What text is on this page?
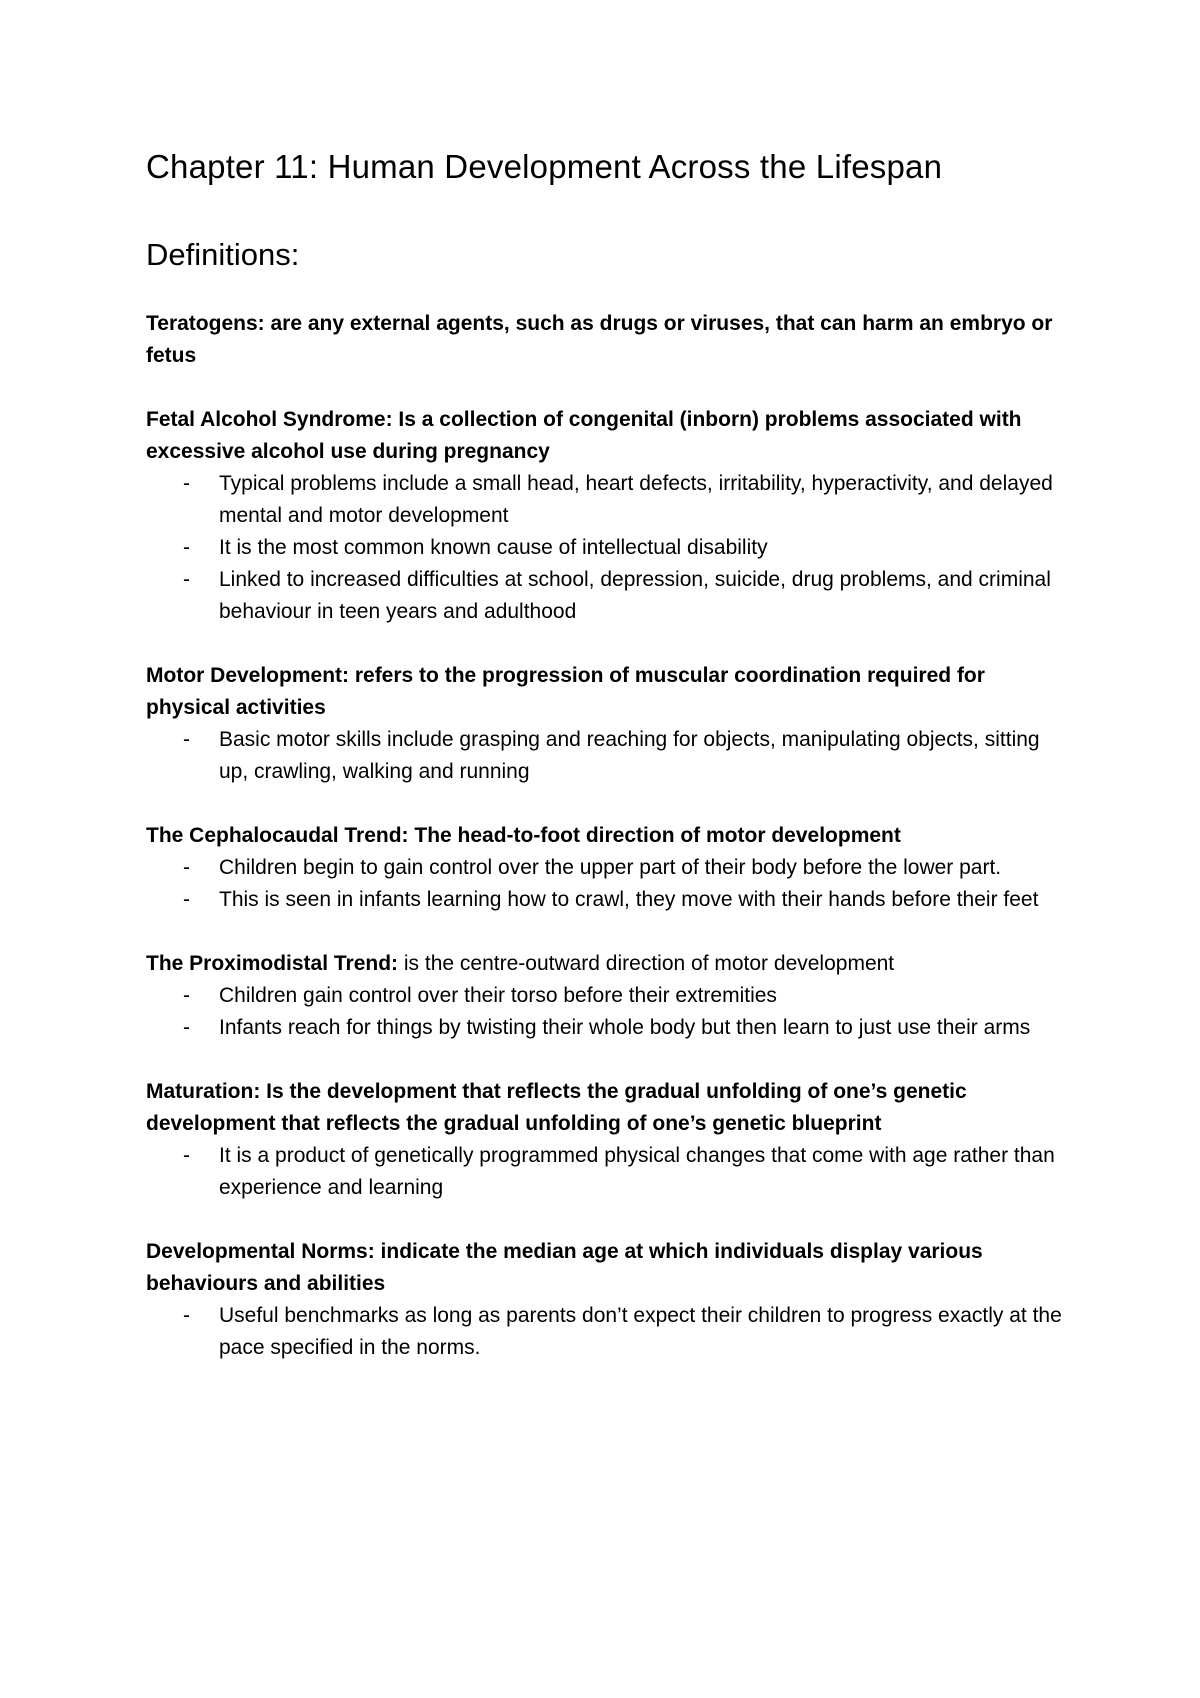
Chapter 11: Human Development Across the Lifespan
Definitions:

Teratogens: are any external agents, such as drugs or viruses, that can harm an embryo or fetus

Fetal Alcohol Syndrome: Is a collection of congenital (inborn) problems associated with excessive alcohol use during pregnancy

- Typical problems include a small head, heart defects, irritability, hyperactivity, and delayed mental and motor development
- It is the most common known cause of intellectual disability
- Linked to increased difficulties at school, depression, suicide, drug problems, and criminal behaviour in teen years and adulthood

Motor Development: refers to the progression of muscular coordination required for physical activities

- Basic motor skills include grasping and reaching for objects, manipulating objects, sitting up, crawling, walking and running

The Cephalocaudal Trend: The head-to-foot direction of motor development

- Children begin to gain control over the upper part of their body before the lower part.
- This is seen in infants learning how to crawl, they move with their hands before their feet

The Proximodistal Trend: is the centre-outward direction of motor development

- Children gain control over their torso before their extremities
- Infants reach for things by twisting their whole body but then learn to just use their arms

Maturation: Is the development that reflects the gradual unfolding of one’s genetic development that reflects the gradual unfolding of one’s genetic blueprint

- It is a product of genetically programmed physical changes that come with age rather than experience and learning

Developmental Norms: indicate the median age at which individuals display various behaviours and abilities

- Useful benchmarks as long as parents don’t expect their children to progress exactly at the pace specified in the norms.
